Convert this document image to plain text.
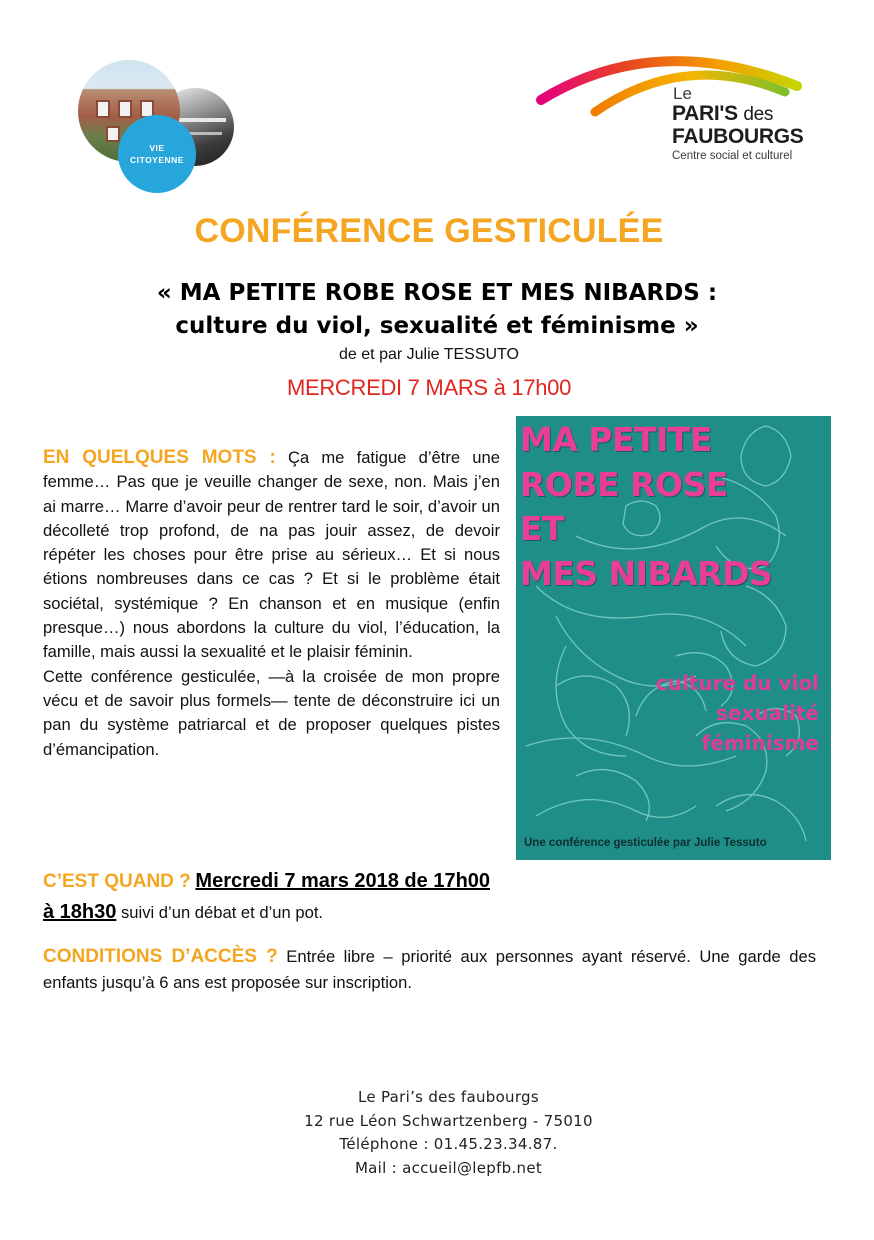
VIE
CITOYENNE
Le
PARI'S des
FAUBOURGS
Centre social et culturel
CONFÉRENCE GESTICULÉE
« MA PETITE ROBE ROSE ET MES NIBARDS :
culture du viol, sexualité et féminisme »
de et par Julie TESSUTO
MERCREDI 7 MARS à 17h00
MA PETITE
ROBE ROSE
ET
MES NIBARDS
culture du viol
sexualité
féminisme
Une conférence gesticulée par Julie Tessuto

EN QUELQUES MOTS : Ça me fatigue d’être une femme… Pas que je veuille changer de sexe, non. Mais j’en ai marre… Marre d’avoir peur de rentrer tard le soir, d’avoir un décolleté trop profond, de na pas jouir assez, de devoir répéter les choses pour être prise au sérieux… Et si nous étions nombreuses dans ce cas ? Et si le problème était sociétal, systémique ? En chanson et en musique (enfin presque…) nous abordons la culture du viol, l’éducation, la famille, mais aussi la sexualité et le plaisir féminin.

Cette conférence gesticulée, —à la croisée de mon propre vécu et de savoir plus formels— tente de déconstruire ici un pan du système patriarcal et de proposer quelques pistes d’émancipation.

C’EST QUAND ? Mercredi 7 mars 2018 de 17h00 à 18h30 suivi d’un débat et d’un pot.
CONDITIONS D’ACCÈS ? Entrée libre – priorité aux personnes ayant réservé. Une garde des enfants jusqu’à 6 ans est proposée sur inscription.
Le Pari’s des faubourgs
12 rue Léon Schwartzenberg - 75010
Téléphone : 01.45.23.34.87.
Mail : accueil@lepfb.net
